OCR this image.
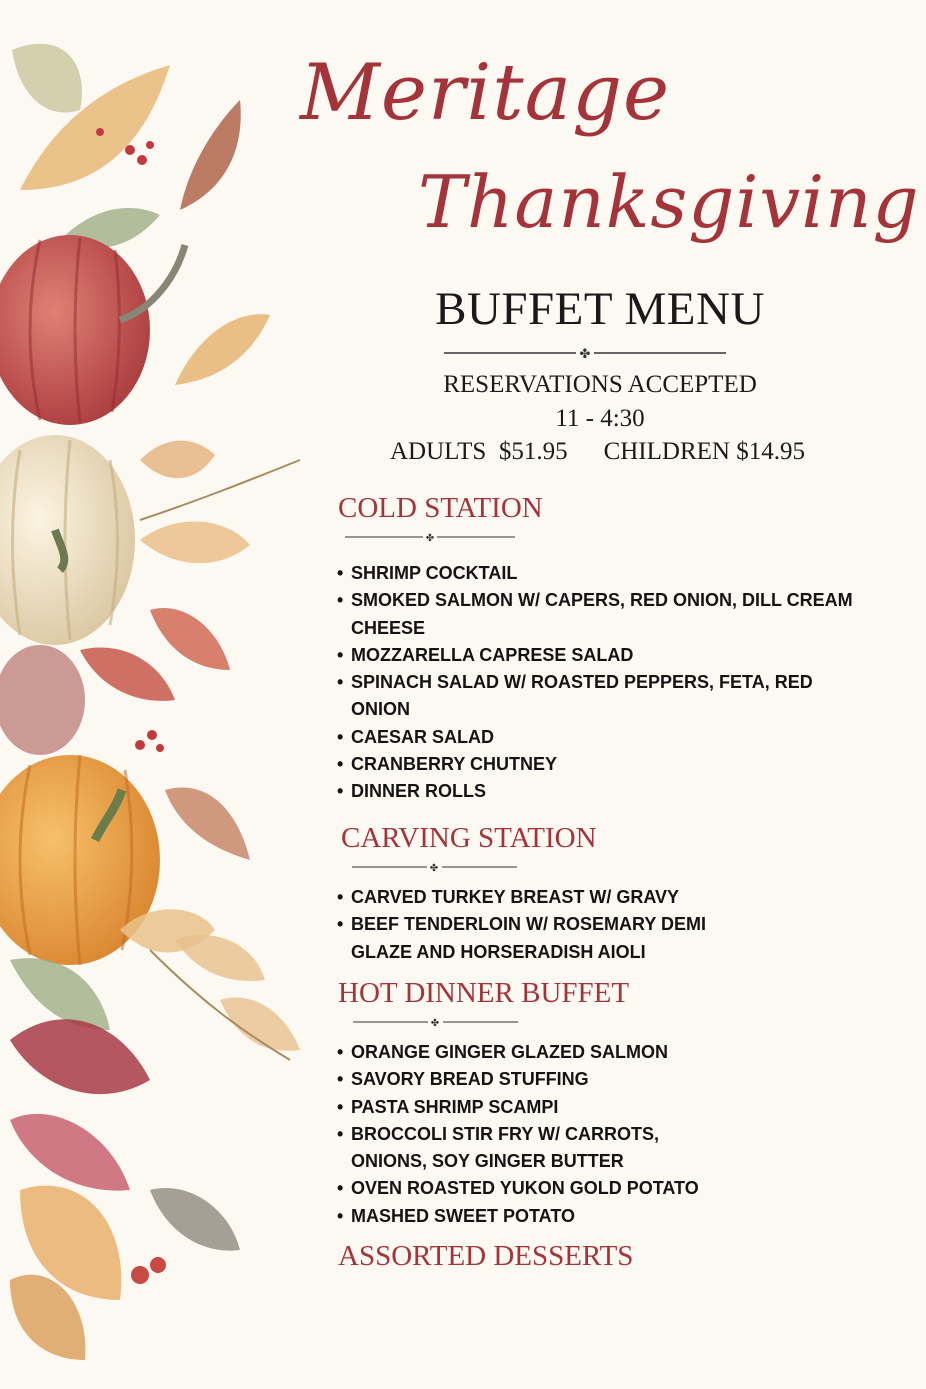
Meritage
Thanksgiving
BUFFET MENU
✤
RESERVATIONS ACCEPTED
11 - 4:30
ADULTS  $51.95 CHILDREN $14.95
COLD STATION
✤
• SHRIMP COCKTAIL
• SMOKED SALMON W/ CAPERS, RED ONION, DILL CREAM CHEESE
• MOZZARELLA CAPRESE SALAD
• SPINACH SALAD W/ ROASTED PEPPERS, FETA, RED ONION
• CAESAR SALAD
• CRANBERRY CHUTNEY
• DINNER ROLLS
CARVING STATION
✤
• CARVED TURKEY BREAST W/ GRAVY
• BEEF TENDERLOIN W/ ROSEMARY DEMI GLAZE AND HORSERADISH AIOLI
HOT DINNER BUFFET
✤
• ORANGE GINGER GLAZED SALMON
• SAVORY BREAD STUFFING
• PASTA SHRIMP SCAMPI
• BROCCOLI STIR FRY W/ CARROTS, ONIONS, SOY GINGER BUTTER
• OVEN ROASTED YUKON GOLD POTATO
• MASHED SWEET POTATO
ASSORTED DESSERTS
